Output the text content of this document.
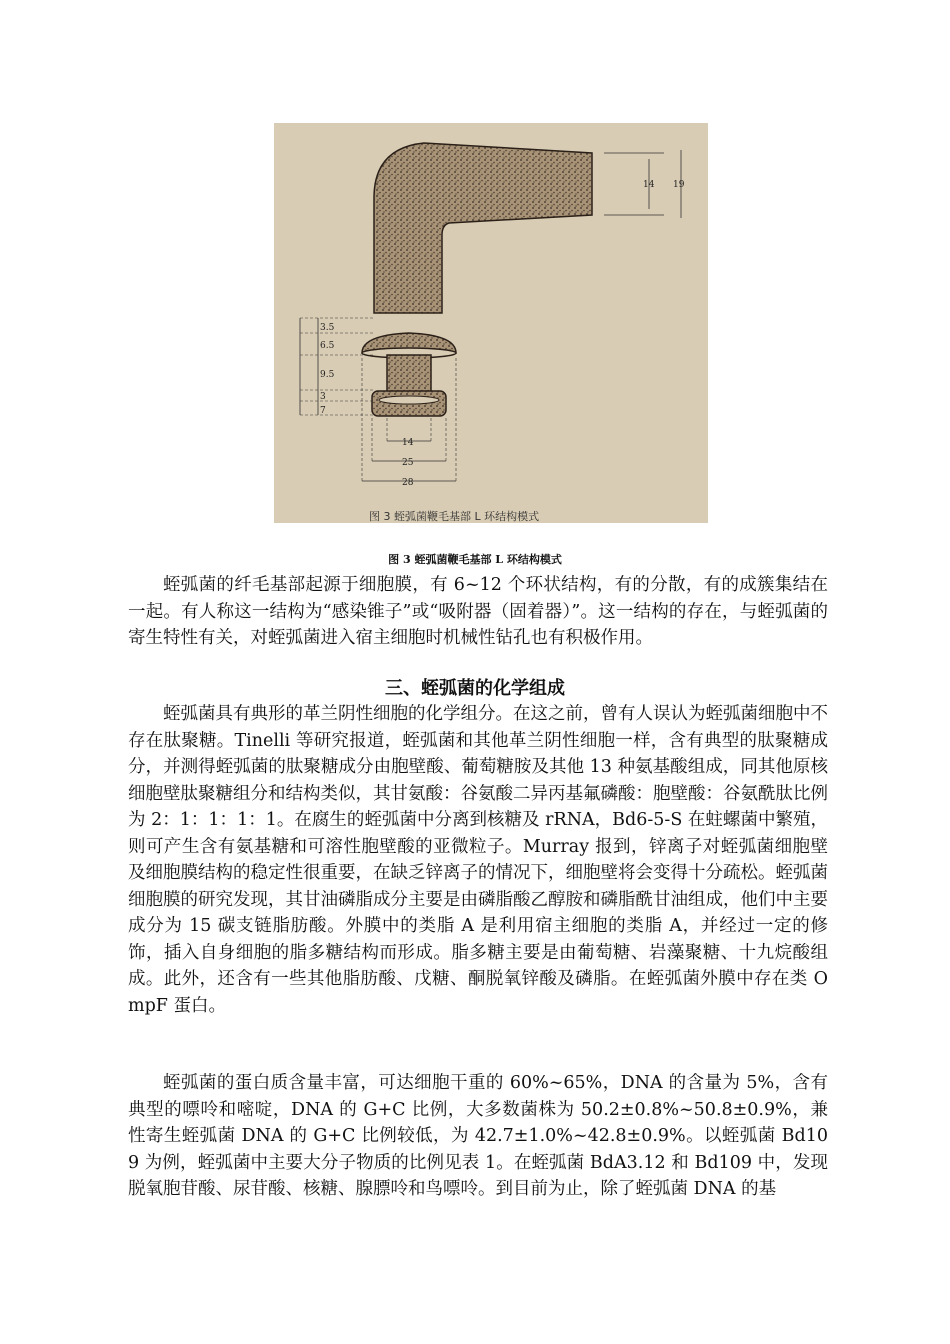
14 19
3.5
6.5
9.5
3
7
14
25
28
图 3 蛭弧菌鞭毛基部 L 环结构模式
图 3 蛭弧菌鞭毛基部 L 环结构模式

蛭弧菌的纤毛基部起源于细胞膜，有 6~12 个环状结构，有的分散，有的成簇集结在一起。有人称这一结构为“感染锥子”或“吸附器（固着器）”。这一结构的存在，与蛭弧菌的寄生特性有关，对蛭弧菌进入宿主细胞时机械性钻孔也有积极作用。

三、蛭弧菌的化学组成

蛭弧菌具有典形的革兰阴性细胞的化学组分。在这之前，曾有人误认为蛭弧菌细胞中不存在肽聚糖。Tinelli 等研究报道，蛭弧菌和其他革兰阴性细胞一样，含有典型的肽聚糖成分，并测得蛭弧菌的肽聚糖成分由胞壁酸、葡萄糖胺及其他 13 种氨基酸组成，同其他原核细胞壁肽聚糖组分和结构类似，其甘氨酸：谷氨酸二异丙基氟磷酸：胞壁酸：谷氨酰肽比例为 2：1：1：1：1。在腐生的蛭弧菌中分离到核糖及 rRNA，Bd6-5-S 在蛀螺菌中繁殖，则可产生含有氨基糖和可溶性胞壁酸的亚微粒子。Murray 报到，锌离子对蛭弧菌细胞壁及细胞膜结构的稳定性很重要，在缺乏锌离子的情况下，细胞壁将会变得十分疏松。蛭弧菌细胞膜的研究发现，其甘油磷脂成分主要是由磷脂酸乙醇胺和磷脂酰甘油组成，他们中主要成分为 15 碳支链脂肪酸。外膜中的类脂 A 是利用宿主细胞的类脂 A，并经过一定的修饰，插入自身细胞的脂多糖结构而形成。脂多糖主要是由葡萄糖、岩藻聚糖、十九烷酸组成。此外，还含有一些其他脂肪酸、戊糖、酮脱氧锌酸及磷脂。在蛭弧菌外膜中存在类 OmpF 蛋白。

蛭弧菌的蛋白质含量丰富，可达细胞干重的 60%~65%，DNA 的含量为 5%，含有典型的嘌呤和嘧啶，DNA 的 G+C 比例，大多数菌株为 50.2±0.8%~50.8±0.9%，兼性寄生蛭弧菌 DNA 的 G+C 比例较低，为 42.7±1.0%~42.8±0.9%。以蛭弧菌 Bd109 为例，蛭弧菌中主要大分子物质的比例见表 1。在蛭弧菌 BdA3.12 和 Bd109 中，发现脱氧胞苷酸、尿苷酸、核糖、腺膘呤和鸟嘌呤。到目前为止，除了蛭弧菌 DNA 的基
